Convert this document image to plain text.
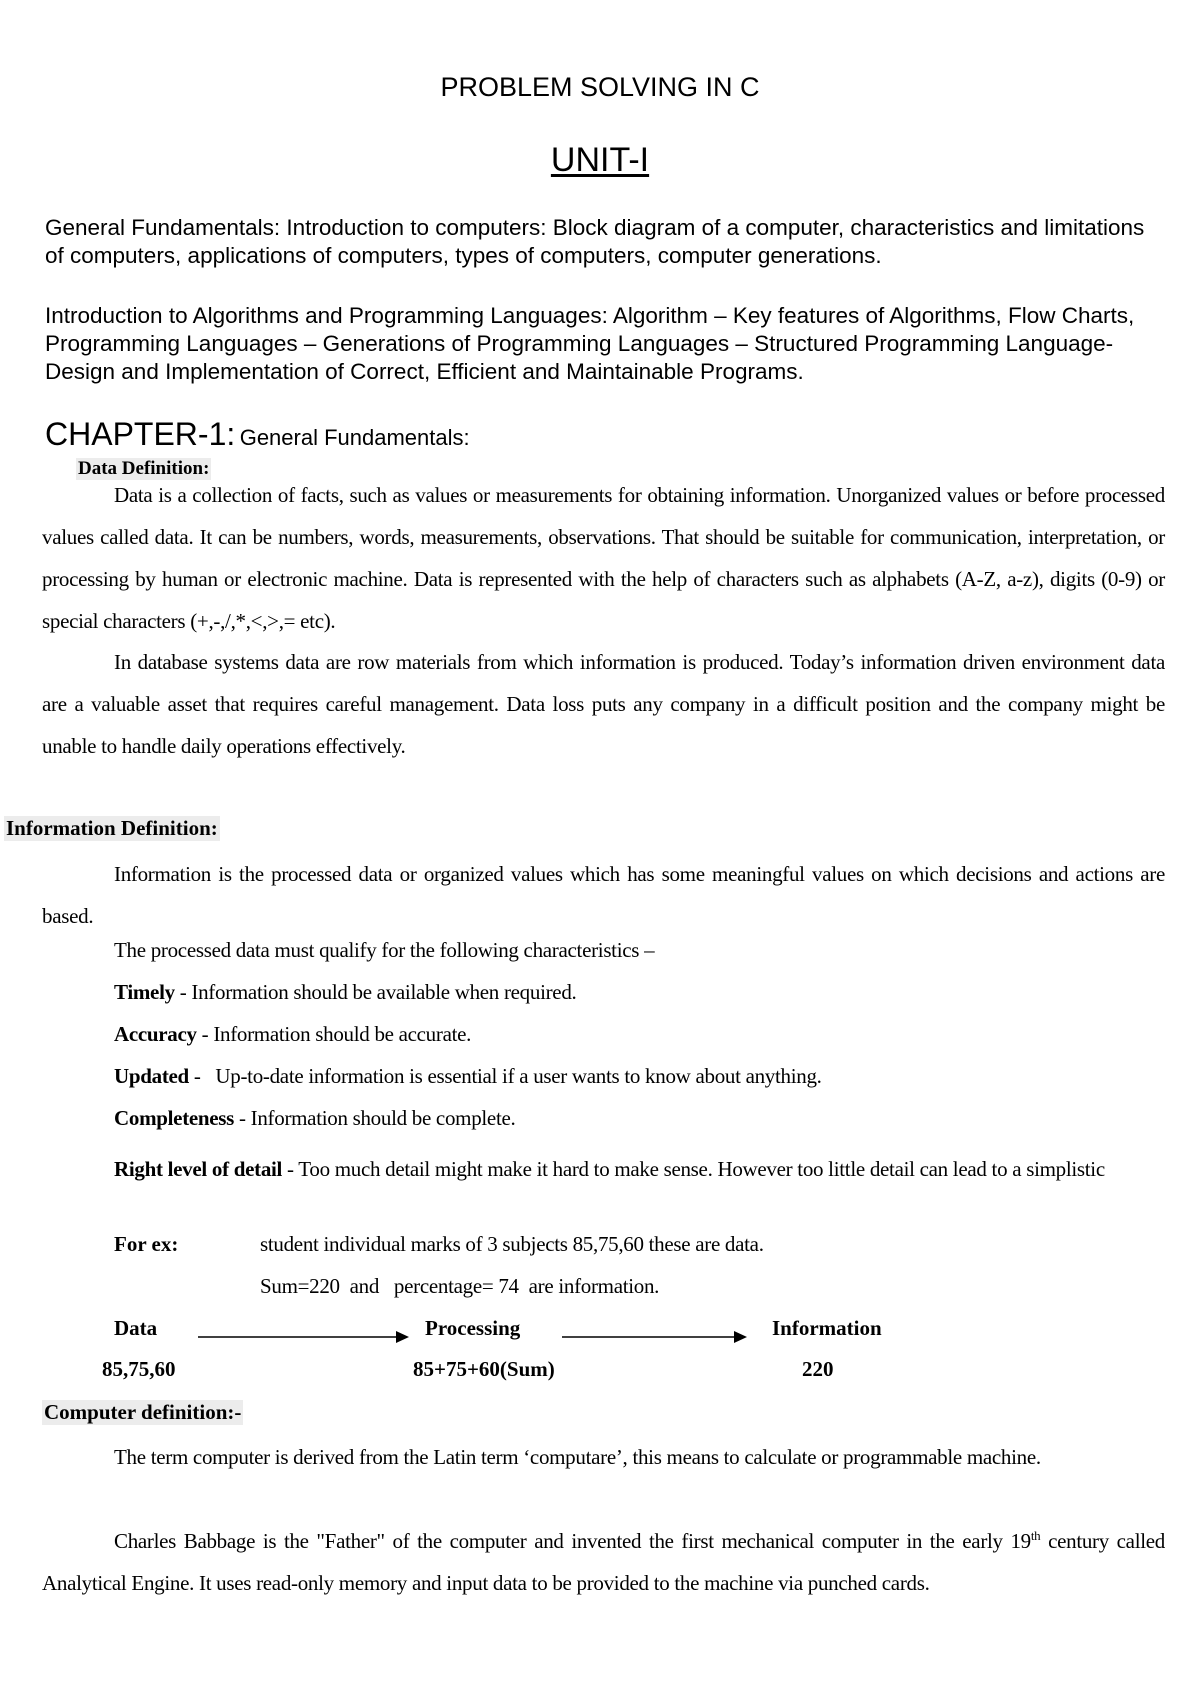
PROBLEM SOLVING IN C
UNIT-I
General Fundamentals: Introduction to computers: Block diagram of a computer, characteristics and limitations of computers, applications of computers, types of computers, computer generations.
Introduction to Algorithms and Programming Languages: Algorithm – Key features of Algorithms, Flow Charts, Programming Languages – Generations of Programming Languages – Structured Programming Language- Design and Implementation of Correct, Efficient and Maintainable Programs.
CHAPTER-1: General Fundamentals:
Data Definition:
Data is a collection of facts, such as values or measurements for obtaining information. Unorganized values or before processed values called data. It can be numbers, words, measurements, observations. That should be suitable for communication, interpretation, or processing by human or electronic machine. Data is represented with the help of characters such as alphabets (A-Z, a-z), digits (0-9) or special characters (+,-,/,*,<,>,= etc).
In database systems data are row materials from which information is produced. Today’s information driven environment data are a valuable asset that requires careful management. Data loss puts any company in a difficult position and the company might be unable to handle daily operations effectively.
Information Definition:
Information is the processed data or organized values which has some meaningful values on which decisions and actions are based.
The processed data must qualify for the following characteristics –
Timely - Information should be available when required.
Accuracy - Information should be accurate.
Updated -   Up-to-date information is essential if a user wants to know about anything.
Completeness - Information should be complete.
Right level of detail - Too much detail might make it hard to make sense. However too little detail can lead to a simplistic
For ex:	student individual marks of 3 subjects 85,75,60 these are data.
Sum=220  and   percentage= 74  are information.
Data	Processing	Information
85,75,60	85+75+60(Sum)	220
Computer definition:-
The term computer is derived from the Latin term ‘computare’, this means to calculate or programmable machine.
Charles Babbage is the "Father" of the computer and invented the first mechanical computer in the early 19th century called Analytical Engine. It uses read-only memory and input data to be provided to the machine via punched cards.
